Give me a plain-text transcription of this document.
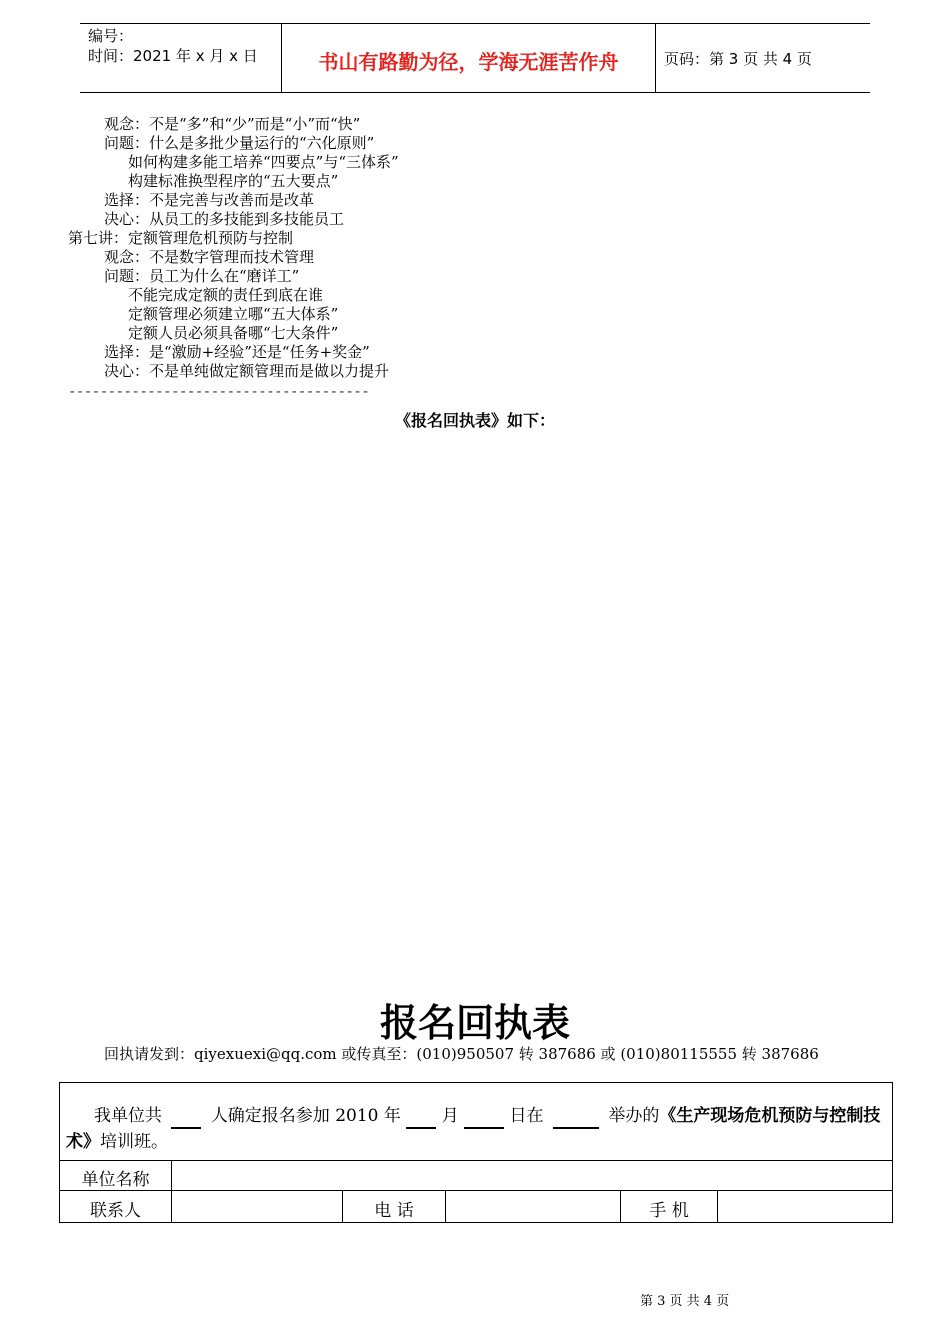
编号：
时间：2021 年 x 月 x 日	书山有路勤为径，学海无涯苦作舟	页码：第 3 页 共 4 页
观念：不是“多”和“少”而是“小”而“快”
问题：什么是多批少量运行的“六化原则”
如何构建多能工培养“四要点”与“三体系”
构建标准换型程序的“五大要点”
选择：不是完善与改善而是改革
决心：从员工的多技能到多技能员工
第七讲：定额管理危机预防与控制
观念：不是数字管理而技术管理
问题：员工为什么在“磨详工”
不能完成定额的责任到底在谁
定额管理必须建立哪“五大体系”
定额人员必须具备哪“七大条件”
选择：是“激励+经验”还是“任务+奖金”
决心：不是单纯做定额管理而是做以力提升
--------------------------------------
《报名回执表》如下：
报名回执表
回执请发到：qiyexuexi@qq.com 或传真至：(010)950507 转 387686 或 (010)80115555 转 387686
我单位共	人确定报名参加 2010 年 月	日在	举办的《生产现场危机预防与控制技术》培训班。
单位名称
联系人	电 话	手 机
第 3 页 共 4 页
